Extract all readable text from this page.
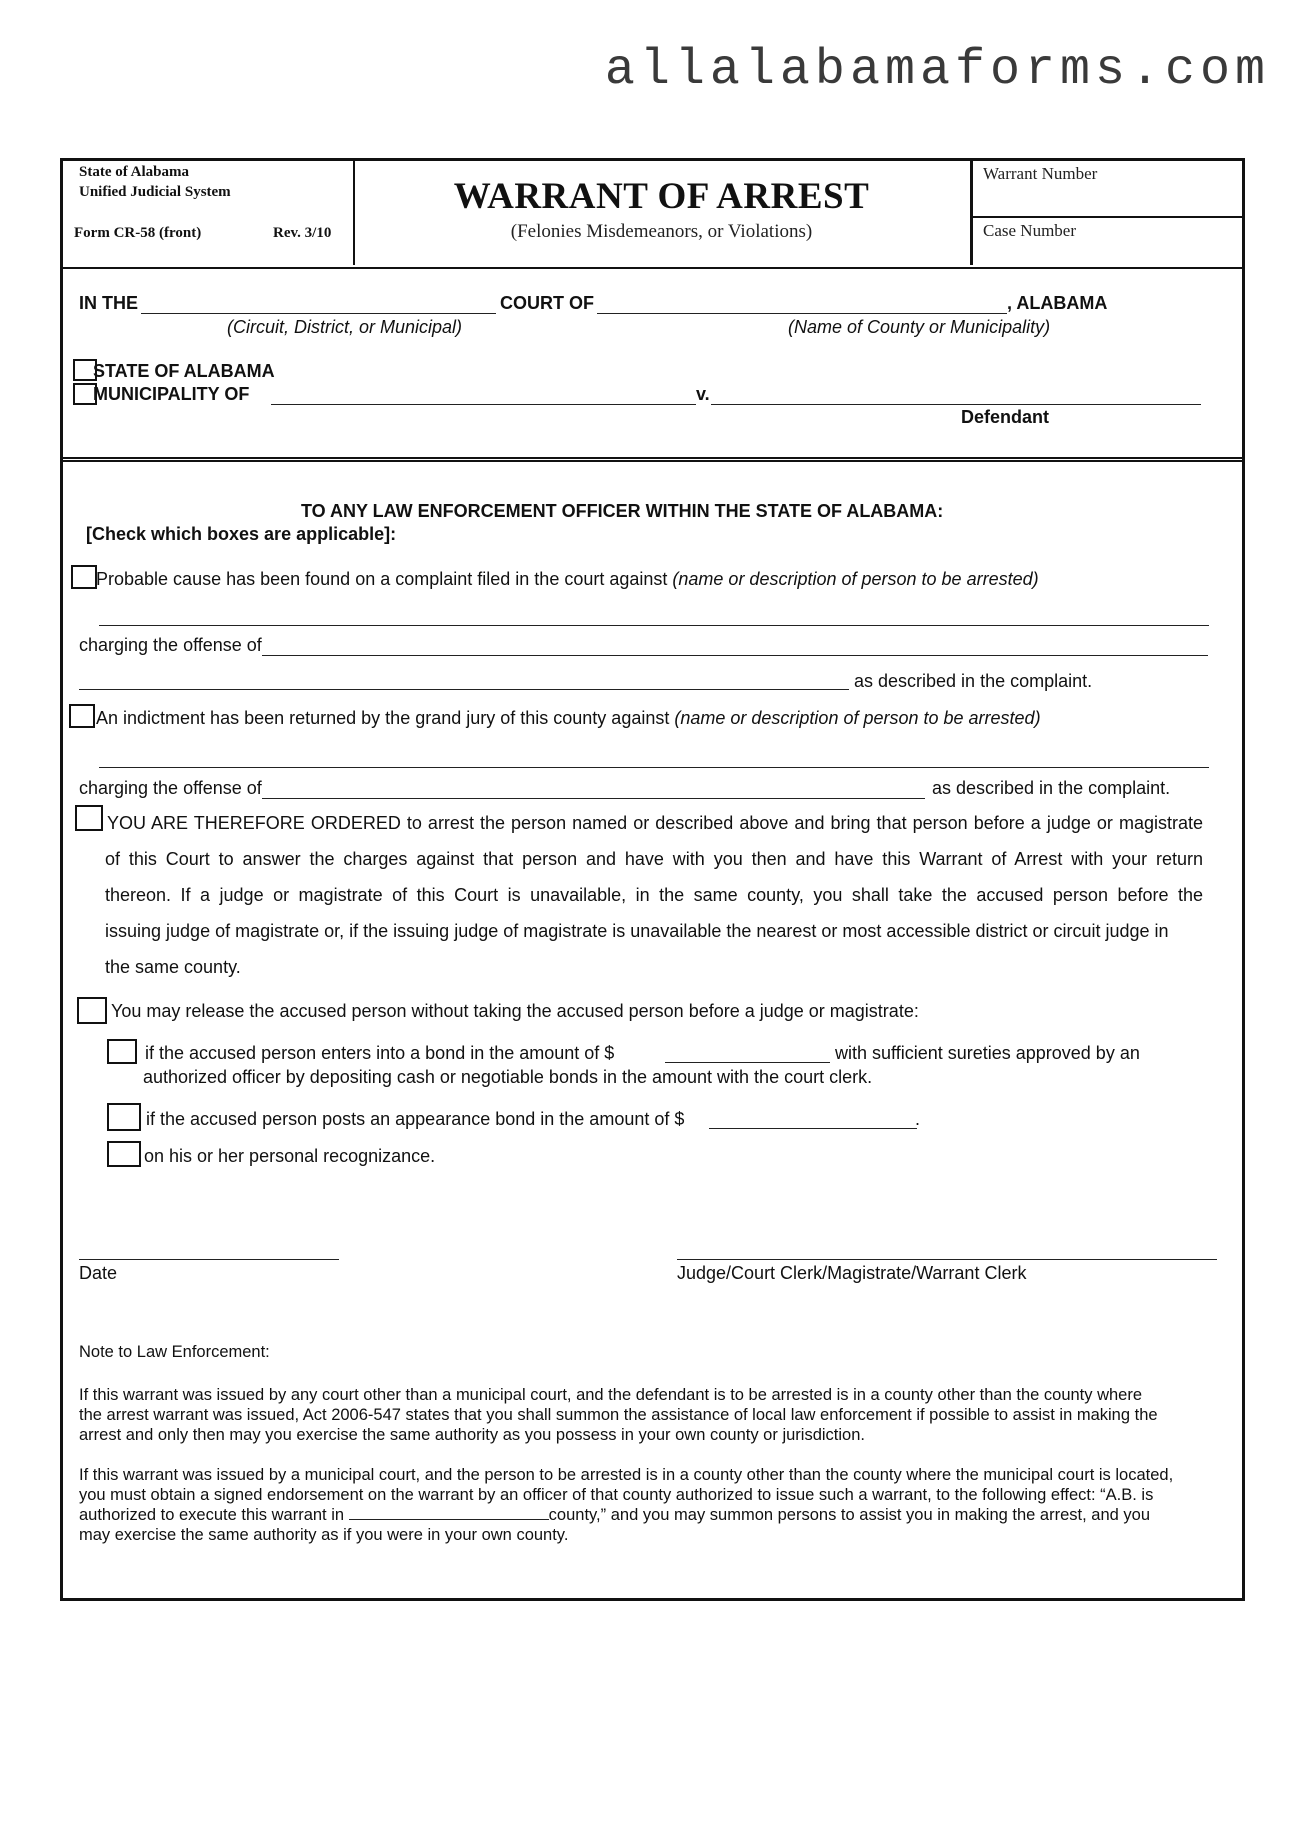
allalabamaforms.com
State of Alabama
Unified Judicial System
Form CR-58 (front)	Rev. 3/10
WARRANT OF ARREST
(Felonies Misdemeanors, or Violations)
Warrant Number
Case Number
IN THE	COURT OF	, ALABAMA
(Circuit, District, or Municipal)	(Name of County or Municipality)
STATE OF ALABAMA
MUNICIPALITY OF	v.
Defendant
TO ANY LAW ENFORCEMENT OFFICER WITHIN THE STATE OF ALABAMA:
[Check which boxes are applicable]:
Probable cause has been found on a complaint filed in the court against (name or description of person to be arrested)
charging the offense of
as described in the complaint.
An indictment has been returned by the grand jury of this county against (name or description of person to be arrested)
charging the offense of	as described in the complaint.
YOU ARE THEREFORE ORDERED to arrest the person named or described above and bring that person before a judge or magistrate
of this Court to answer the charges against that person and have with you then and have this Warrant of Arrest with your return
thereon. If a judge or magistrate of this Court is unavailable, in the same county, you shall take the accused person before the
issuing judge of magistrate or, if the issuing judge of magistrate is unavailable the nearest or most accessible district or circuit judge in
the same county.
You may release the accused person without taking the accused person before a judge or magistrate:
if the accused person enters into a bond in the amount of $	with sufficient sureties approved by an
authorized officer by depositing cash or negotiable bonds in the amount with the court clerk.
if the accused person posts an appearance bond in the amount of $	.
on his or her personal recognizance.
Date	Judge/Court Clerk/Magistrate/Warrant Clerk
Note to Law Enforcement:
If this warrant was issued by any court other than a municipal court, and the defendant is to be arrested is in a county other than the county where
the arrest warrant was issued, Act 2006-547 states that you shall summon the assistance of local law enforcement if possible to assist in making the
arrest and only then may you exercise the same authority as you possess in your own county or jurisdiction.
If this warrant was issued by a municipal court, and the person to be arrested is in a county other than the county where the municipal court is located,
you must obtain a signed endorsement on the warrant by an officer of that county authorized to issue such a warrant, to the following effect: “A.B. is
authorized to execute this warrant in	county,” and you may summon persons to assist you in making the arrest, and you
may exercise the same authority as if you were in your own county.
